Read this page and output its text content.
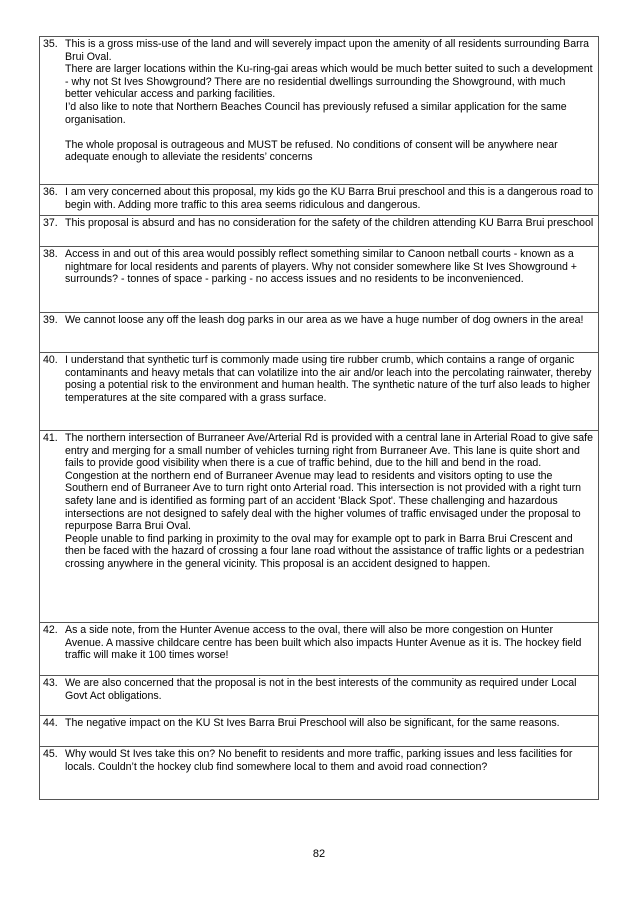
35. This is a gross miss-use of the land and will severely impact upon the amenity of all residents surrounding Barra Brui Oval.

There are larger locations within the Ku-ring-gai areas which would be much better suited to such a development - why not St Ives Showground? There are no residential dwellings surrounding the Showground, with much better vehicular access and parking facilities.

I’d also like to note that Northern Beaches Council has previously refused a similar application for the same organisation.

The whole proposal is outrageous and MUST be refused. No conditions of consent will be anywhere near adequate enough to alleviate the residents’ concerns

36. I am very concerned about this proposal, my kids go the KU Barra Brui preschool and this is a dangerous road to begin with. Adding more traffic to this area seems ridiculous and dangerous.

37. This proposal is absurd and has no consideration for the safety of the children attending KU Barra Brui preschool

38. Access in and out of this area would possibly reflect something similar to Canoon netball courts - known as a nightmare for local residents and parents of players. Why not consider somewhere like St Ives Showground + surrounds? - tonnes of space - parking - no access issues and no residents to be inconvenienced.

39. We cannot loose any off the leash dog parks in our area as we have a huge number of dog owners in the area!

40. I understand that synthetic turf is commonly made using tire rubber crumb, which contains a range of organic contaminants and heavy metals that can volatilize into the air and/or leach into the percolating rainwater, thereby posing a potential risk to the environment and human health. The synthetic nature of the turf also leads to higher temperatures at the site compared with a grass surface.

41. The northern intersection of Burraneer Ave/Arterial Rd is provided with a central lane in Arterial Road to give safe entry and merging for a small number of vehicles turning right from Burraneer Ave. This lane is quite short and fails to provide good visibility when there is a cue of traffic behind, due to the hill and bend in the road.

Congestion at the northern end of Burraneer Avenue may lead to residents and visitors opting to use the Southern end of Burraneer Ave to turn right onto Arterial road. This intersection is not provided with a right turn safety lane and is identified as forming part of an accident 'Black Spot'. These challenging and hazardous intersections are not designed to safely deal with the higher volumes of traffic envisaged under the proposal to repurpose Barra Brui Oval.

People unable to find parking in proximity to the oval may for example opt to park in Barra Brui Crescent and then be faced with the hazard of crossing a four lane road without the assistance of traffic lights or a pedestrian crossing anywhere in the general vicinity. This proposal is an accident designed to happen.

42. As a side note, from the Hunter Avenue access to the oval, there will also be more congestion on Hunter Avenue. A massive childcare centre has been built which also impacts Hunter Avenue as it is. The hockey field traffic will make it 100 times worse!

43. We are also concerned that the proposal is not in the best interests of the community as required under Local Govt Act obligations.

44. The negative impact on the KU St Ives Barra Brui Preschool will also be significant, for the same reasons.

45. Why would St Ives take this on? No benefit to residents and more traffic, parking issues and less facilities for locals. Couldn’t the hockey club find somewhere local to them and avoid road connection?

82
